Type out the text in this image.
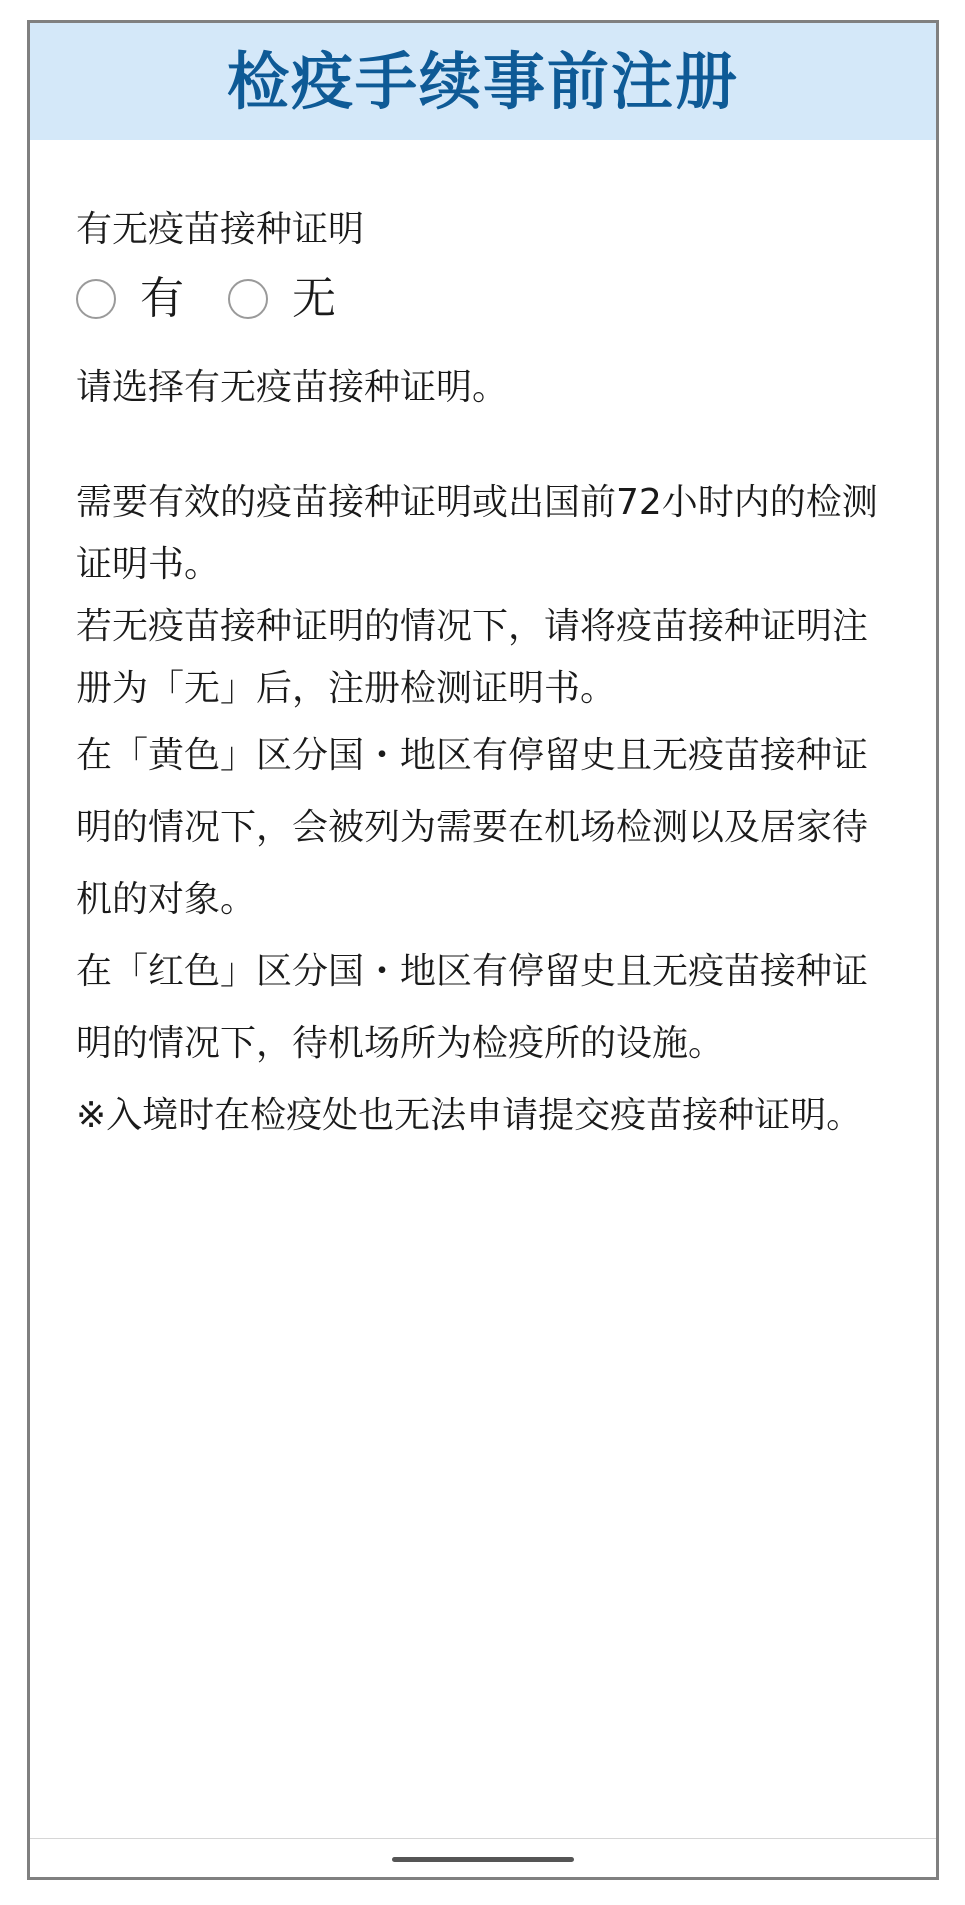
检疫手续事前注册
有无疫苗接种证明
有 无
请选择有无疫苗接种证明。

需要有效的疫苗接种证明或出国前72小时内的检测证明书。

若无疫苗接种证明的情况下，请将疫苗接种证明注册为「无」后，注册检测证明书。

在「黄色」区分国・地区有停留史且无疫苗接种证明的情况下，会被列为需要在机场检测以及居家待机的对象。

在「红色」区分国・地区有停留史且无疫苗接种证明的情况下，待机场所为检疫所的设施。

※入境时在检疫处也无法申请提交疫苗接种证明。
